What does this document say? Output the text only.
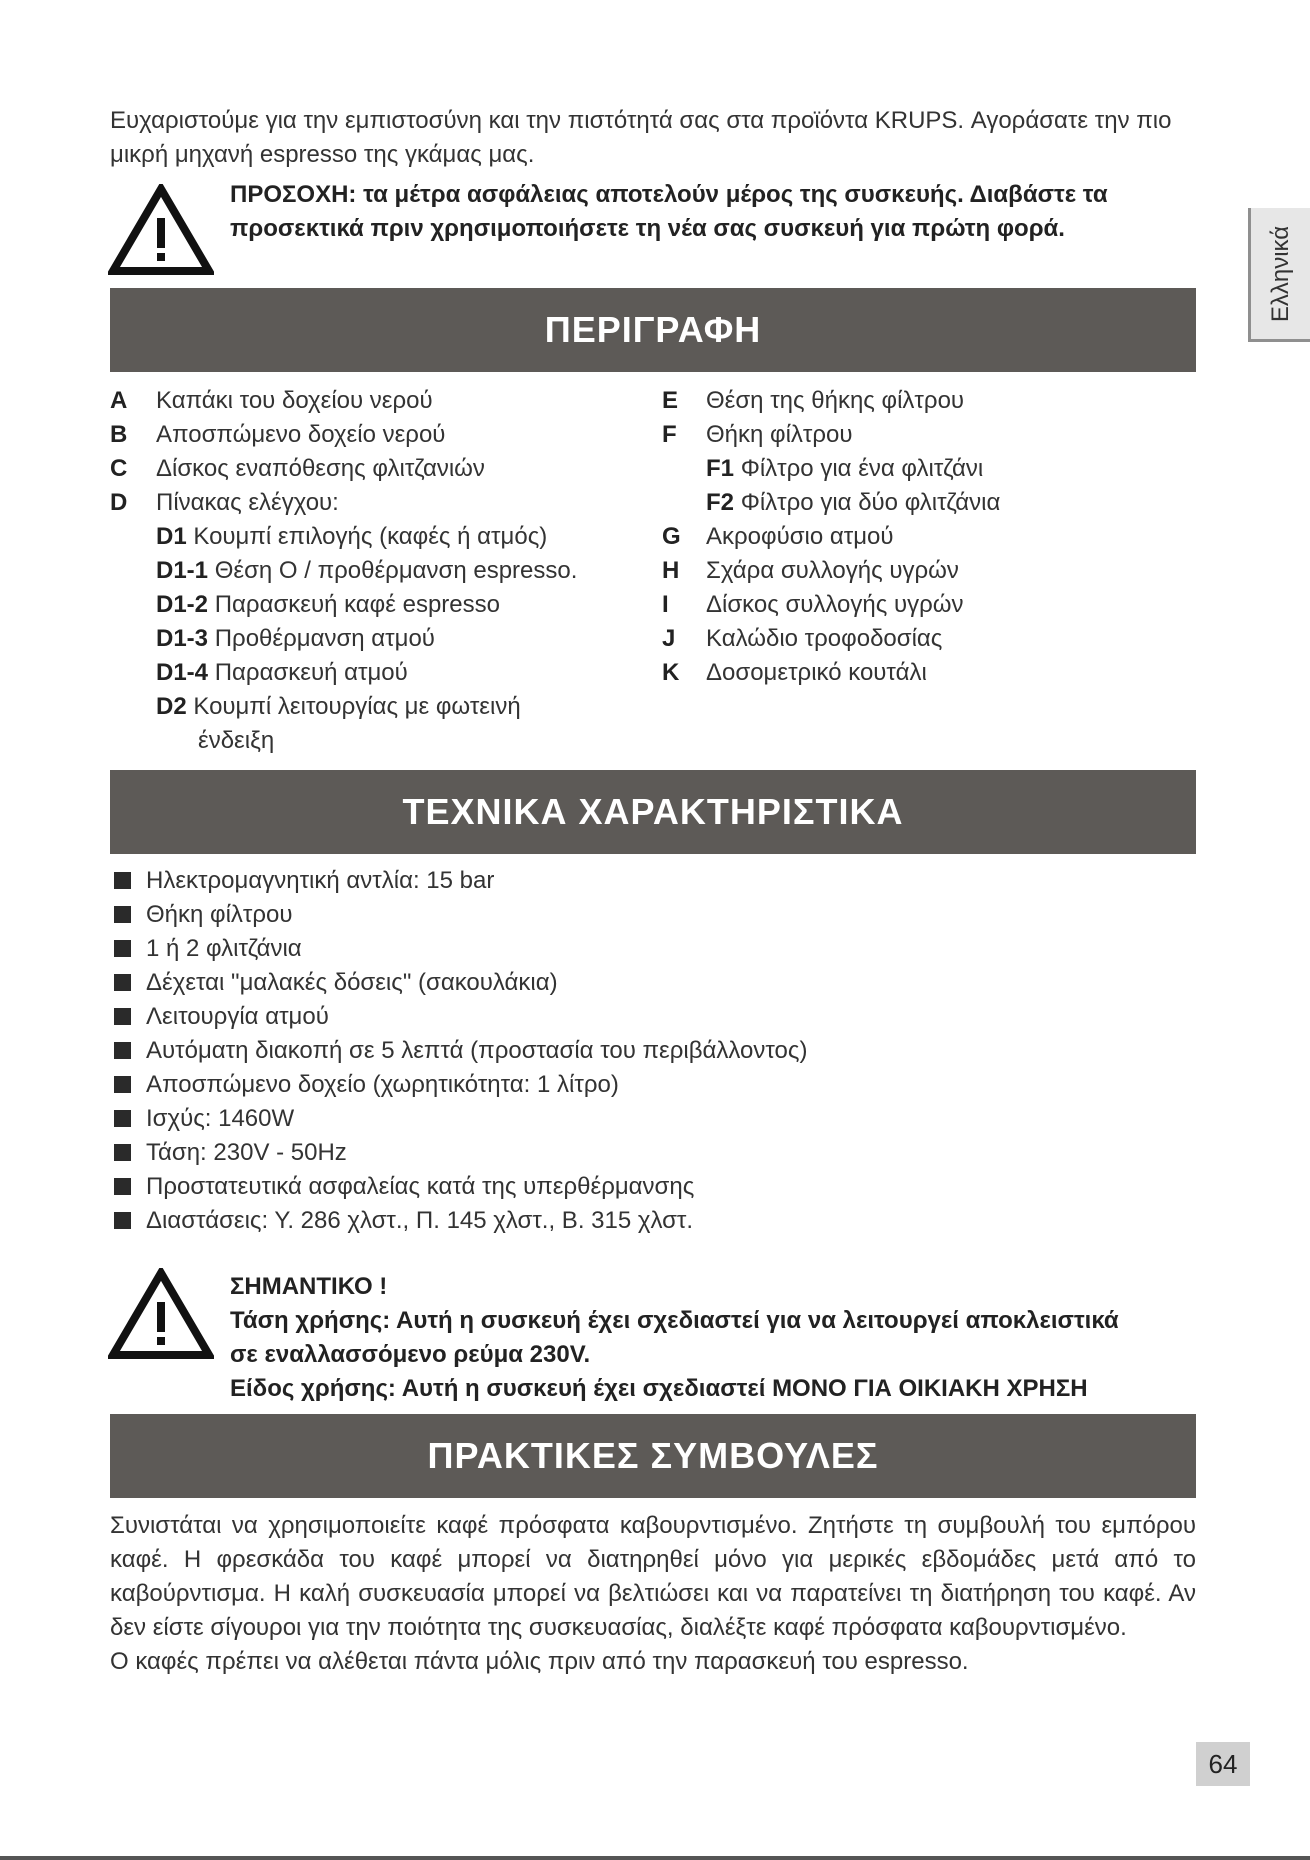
Ευχαριστούμε για την εμπιστοσύνη και την πιστότητά σας στα προϊόντα KRUPS. Αγοράσατε την πιο μικρή μηχανή espresso της γκάμας μας.
ΠΡΟΣΟΧΗ: τα μέτρα ασφάλειας αποτελούν μέρος της συσκευής. Διαβάστε τα
προσεκτικά πριν χρησιμοποιήσετε τη νέα σας συσκευή για πρώτη φορά.	Ελληνικά
ΠΕΡΙΓΡΑΦΗ
A Καπάκι του δοχείου νερού
B Αποσπώμενο δοχείο νερού
C Δίσκος εναπόθεσης φλιτζανιών
D Πίνακας ελέγχου:
D1 Κουμπί επιλογής (καφές ή ατμός)
D1-1 Θέση O / προθέρμανση espresso.
D1-2 Παρασκευή καφέ espresso
D1-3 Προθέρμανση ατμού
D1-4 Παρασκευή ατμού
D2 Κουμπί λειτουργίας με φωτεινή
ένδειξη
E Θέση της θήκης φίλτρου
F Θήκη φίλτρου
F1 Φίλτρο για ένα φλιτζάνι
F2 Φίλτρο για δύο φλιτζάνια
G Ακροφύσιο ατμού
H Σχάρα συλλογής υγρών
I Δίσκος συλλογής υγρών
J Καλώδιο τροφοδοσίας
K Δοσομετρικό κουτάλι
ΤΕΧΝΙΚΑ ΧΑΡΑΚΤΗΡΙΣΤΙΚΑ
Ηλεκτρομαγνητική αντλία: 15 bar
Θήκη φίλτρου
1 ή 2 φλιτζάνια
Δέχεται "μαλακές δόσεις" (σακουλάκια)
Λειτουργία ατμού
Αυτόματη διακοπή σε 5 λεπτά (προστασία του περιβάλλοντος)
Αποσπώμενο δοχείο (χωρητικότητα: 1 λίτρο)
Ισχύς: 1460W
Τάση: 230V - 50Hz
Προστατευτικά ασφαλείας κατά της υπερθέρμανσης
Διαστάσεις: Υ. 286 χλστ., Π. 145 χλστ., Β. 315 χλστ.
ΣΗΜΑΝΤΙΚΟ !
Τάση χρήσης: Αυτή η συσκευή έχει σχεδιαστεί για να λειτουργεί αποκλειστικά
σε εναλλασσόμενο ρεύμα 230V.
Είδος χρήσης: Αυτή η συσκευή έχει σχεδιαστεί ΜΟΝΟ ΓΙΑ ΟΙΚΙΑΚΗ ΧΡΗΣΗ
ΠΡΑΚΤΙΚΕΣ ΣΥΜΒΟΥΛΕΣ
Συνιστάται να χρησιμοποιείτε καφέ πρόσφατα καβουρντισμένο. Ζητήστε τη συμβουλή του εμπόρου καφέ. Η φρεσκάδα του καφέ μπορεί να διατηρηθεί μόνο για μερικές εβδομάδες μετά από το καβούρντισμα. Η καλή συσκευασία μπορεί να βελτιώσει και να παρατείνει τη διατήρηση του καφέ. Αν δεν είστε σίγουροι για την ποιότητα της συσκευασίας, διαλέξτε καφέ πρόσφατα καβουρντισμένο.
Ο καφές πρέπει να αλέθεται πάντα μόλις πριν από την παρασκευή του espresso.
64
